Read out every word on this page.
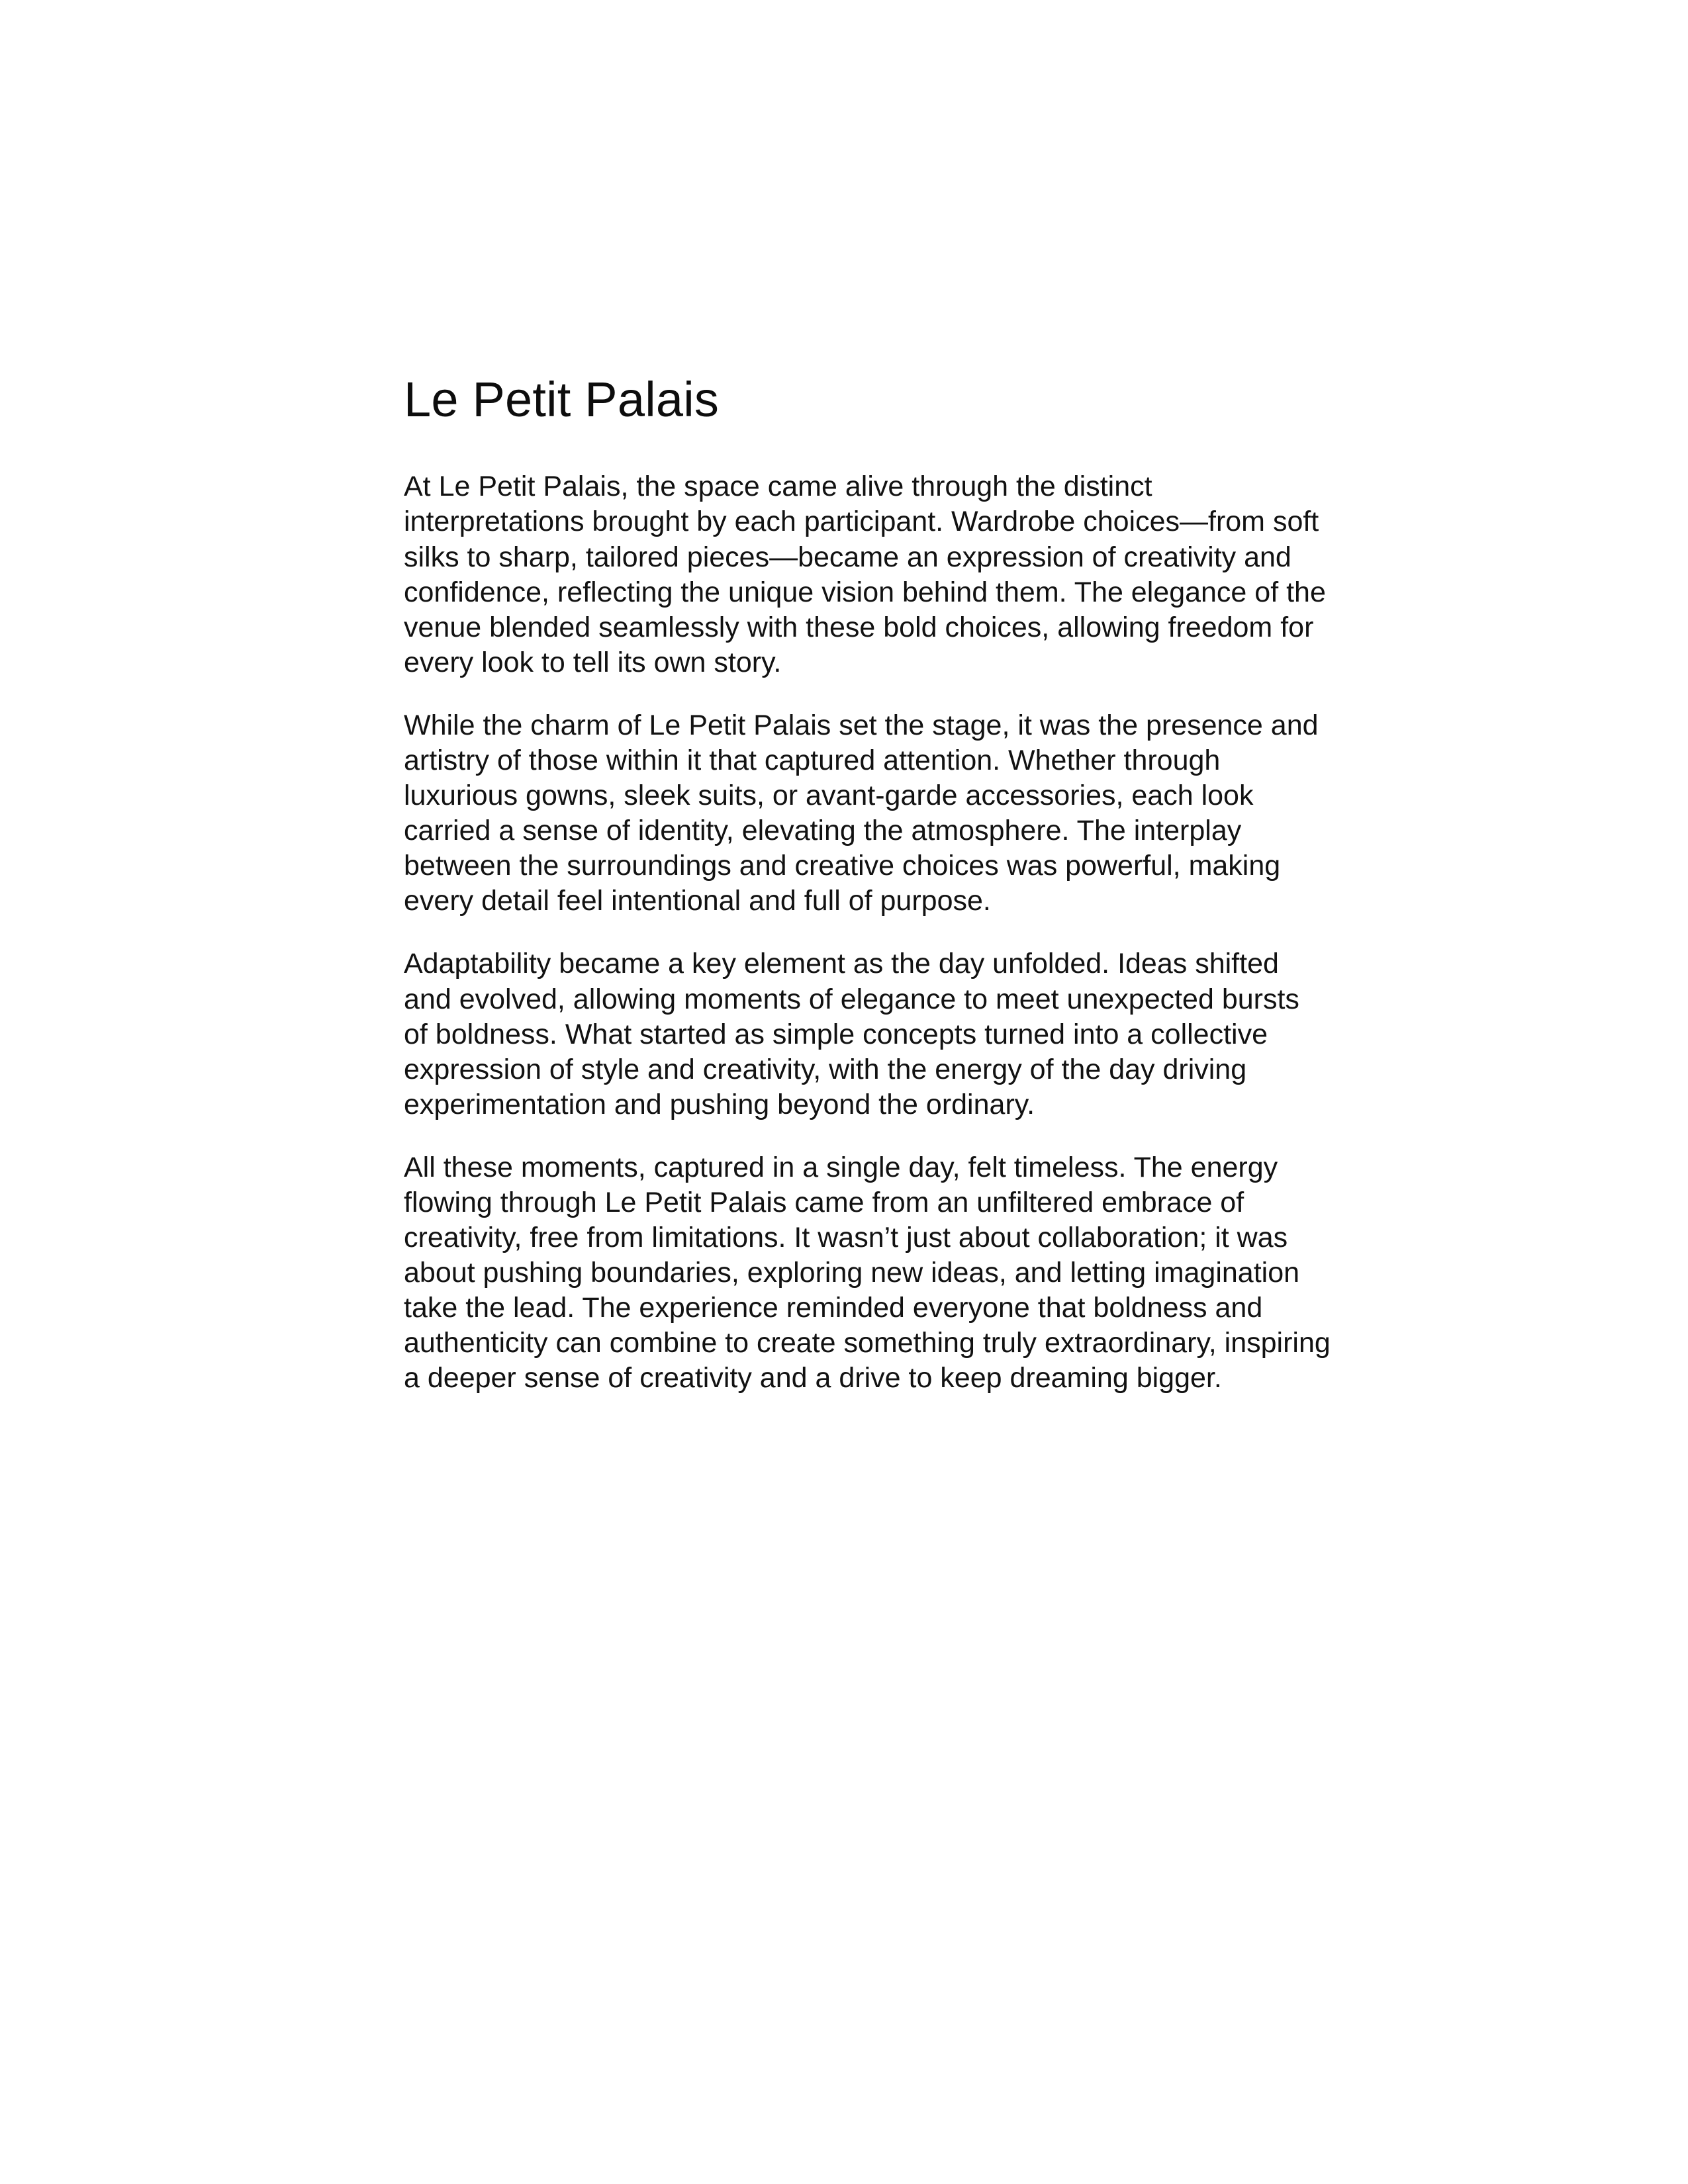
Le Petit Palais

At Le Petit Palais, the space came alive through the distinct interpretations brought by each participant. Wardrobe choices—from soft silks to sharp, tailored pieces—became an expression of creativity and confidence, reflecting the unique vision behind them. The elegance of the venue blended seamlessly with these bold choices, allowing freedom for every look to tell its own story.

While the charm of Le Petit Palais set the stage, it was the presence and artistry of those within it that captured attention. Whether through luxurious gowns, sleek suits, or avant-garde accessories, each look carried a sense of identity, elevating the atmosphere. The interplay between the surroundings and creative choices was powerful, making every detail feel intentional and full of purpose.

Adaptability became a key element as the day unfolded. Ideas shifted and evolved, allowing moments of elegance to meet unexpected bursts of boldness. What started as simple concepts turned into a collective expression of style and creativity, with the energy of the day driving experimentation and pushing beyond the ordinary.

All these moments, captured in a single day, felt timeless. The energy flowing through Le Petit Palais came from an unfiltered embrace of creativity, free from limitations. It wasn’t just about collaboration; it was about pushing boundaries, exploring new ideas, and letting imagination take the lead. The experience reminded everyone that boldness and authenticity can combine to create something truly extraordinary, inspiring a deeper sense of creativity and a drive to keep dreaming bigger.
